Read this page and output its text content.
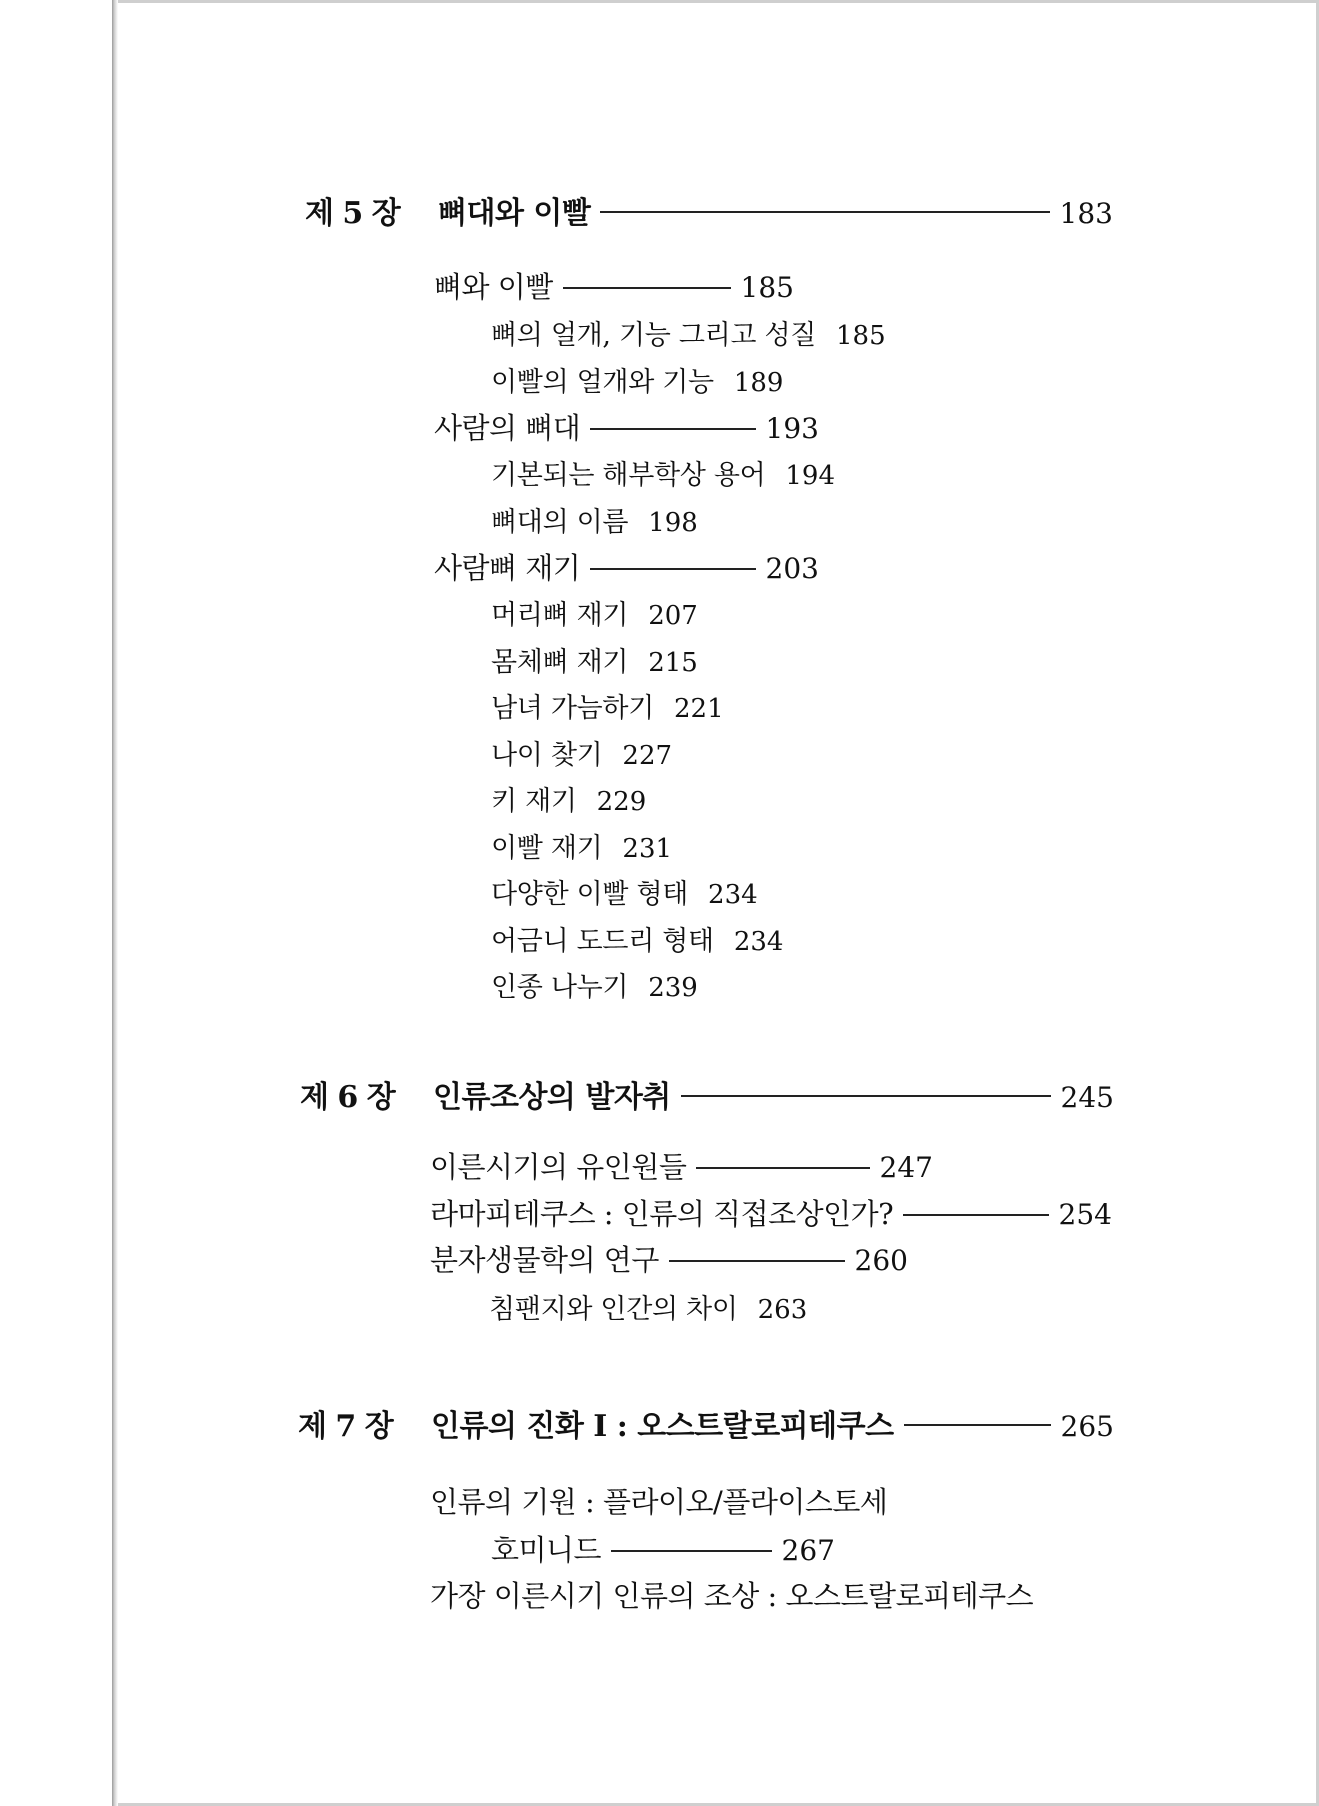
제 5 장	뼈대와 이빨	183
뼈와 이빨	185
뼈의 얼개, 기능 그리고 성질 185
이빨의 얼개와 기능 189
사람의 뼈대	193
기본되는 해부학상 용어 194
뼈대의 이름 198
사람뼈 재기	203
머리뼈 재기 207
몸체뼈 재기 215
남녀 가늠하기 221
나이 찾기 227
키 재기 229
이빨 재기 231
다양한 이빨 형태 234
어금니 도드리 형태 234
인종 나누기 239
제 6 장	인류조상의 발자취	245
이른시기의 유인원들	247
라마피테쿠스 : 인류의 직접조상인가?	254
분자생물학의 연구	260
침팬지와 인간의 차이 263
제 7 장	인류의 진화 Ⅰ : 오스트랄로피테쿠스	265
인류의 기원 : 플라이오/플라이스토세
호미니드	267
가장 이른시기 인류의 조상 : 오스트랄로피테쿠스
